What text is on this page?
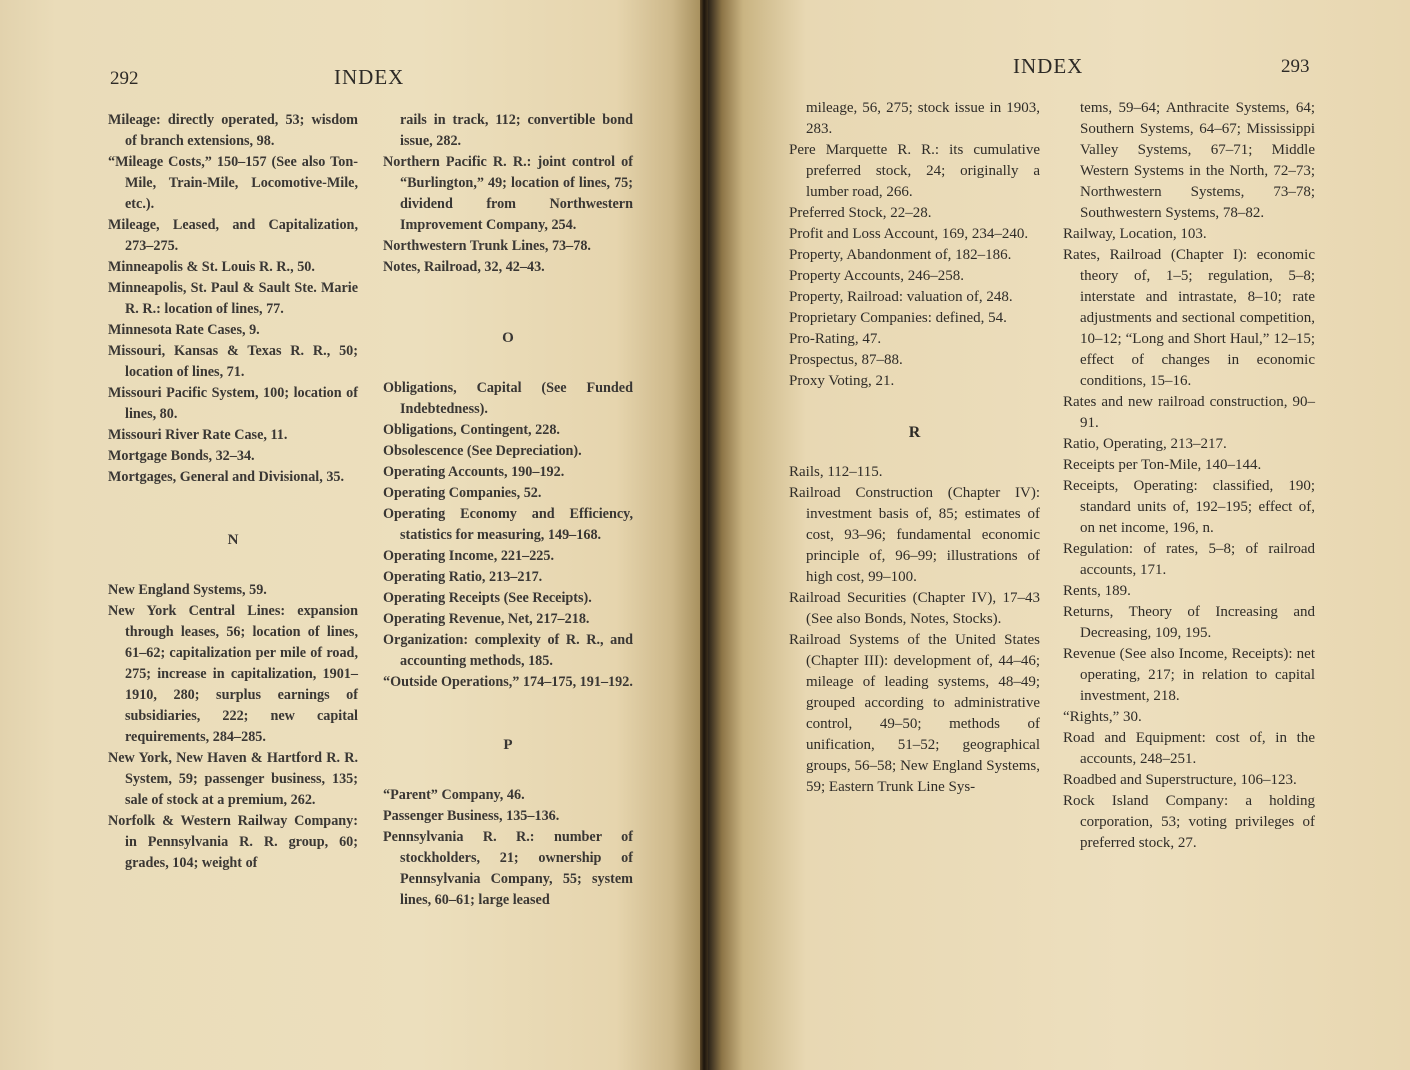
292	INDEX

Mileage: directly operated, 53; wisdom of branch extensions, 98.

“Mileage Costs,” 150–157 (See also Ton-Mile, Train-Mile, Locomotive-Mile, etc.).

Mileage, Leased, and Capitalization, 273–275.

Minneapolis & St. Louis R. R., 50.

Minneapolis, St. Paul & Sault Ste. Marie R. R.: location of lines, 77.

Minnesota Rate Cases, 9.

Missouri, Kansas & Texas R. R., 50; location of lines, 71.

Missouri Pacific System, 100; location of lines, 80.

Missouri River Rate Case, 11.

Mortgage Bonds, 32–34.

Mortgages, General and Divisional, 35.

N

New England Systems, 59.

New York Central Lines: expansion through leases, 56; location of lines, 61–62; capitalization per mile of road, 275; increase in capitalization, 1901–1910, 280; surplus earnings of subsidiaries, 222; new capital requirements, 284–285.

New York, New Haven & Hartford R. R. System, 59; passenger business, 135; sale of stock at a premium, 262.

Norfolk & Western Railway Company: in Pennsylvania R. R. group, 60; grades, 104; weight of

rails in track, 112; convertible bond issue, 282.

Northern Pacific R. R.: joint control of “Burlington,” 49; location of lines, 75; dividend from Northwestern Improvement Company, 254.

Northwestern Trunk Lines, 73–78.

Notes, Railroad, 32, 42–43.

O

Obligations, Capital (See Funded Indebtedness).

Obligations, Contingent, 228.

Obsolescence (See Depreciation).

Operating Accounts, 190–192.

Operating Companies, 52.

Operating Economy and Efficiency, statistics for measuring, 149–168.

Operating Income, 221–225.

Operating Ratio, 213–217.

Operating Receipts (See Receipts).

Operating Revenue, Net, 217–218.

Organization: complexity of R. R., and accounting methods, 185.

“Outside Operations,” 174–175, 191–192.

P

“Parent” Company, 46.

Passenger Business, 135–136.

Pennsylvania R. R.: number of stockholders, 21; ownership of Pennsylvania Company, 55; system lines, 60–61; large leased

INDEX	293

mileage, 56, 275; stock issue in 1903, 283.

Pere Marquette R. R.: its cumulative preferred stock, 24; originally a lumber road, 266.

Preferred Stock, 22–28.

Profit and Loss Account, 169, 234–240.

Property, Abandonment of, 182–186.

Property Accounts, 246–258.

Property, Railroad: valuation of, 248.

Proprietary Companies: defined, 54.

Pro-Rating, 47.

Prospectus, 87–88.

Proxy Voting, 21.

R

Rails, 112–115.

Railroad Construction (Chapter IV): investment basis of, 85; estimates of cost, 93–96; fundamental economic principle of, 96–99; illustrations of high cost, 99–100.

Railroad Securities (Chapter IV), 17–43 (See also Bonds, Notes, Stocks).

Railroad Systems of the United States (Chapter III): development of, 44–46; mileage of leading systems, 48–49; grouped according to administrative control, 49–50; methods of unification, 51–52; geographical groups, 56–58; New England Systems, 59; Eastern Trunk Line Sys-

tems, 59–64; Anthracite Systems, 64; Southern Systems, 64–67; Mississippi Valley Systems, 67–71; Middle Western Systems in the North, 72–73; Northwestern Systems, 73–78; Southwestern Systems, 78–82.

Railway, Location, 103.

Rates, Railroad (Chapter I): economic theory of, 1–5; regulation, 5–8; interstate and intrastate, 8–10; rate adjustments and sectional competition, 10–12; “Long and Short Haul,” 12–15; effect of changes in economic conditions, 15–16.

Rates and new railroad construction, 90–91.

Ratio, Operating, 213–217.

Receipts per Ton-Mile, 140–144.

Receipts, Operating: classified, 190; standard units of, 192–195; effect of, on net income, 196, n.

Regulation: of rates, 5–8; of railroad accounts, 171.

Rents, 189.

Returns, Theory of Increasing and Decreasing, 109, 195.

Revenue (See also Income, Receipts): net operating, 217; in relation to capital investment, 218.

“Rights,” 30.

Road and Equipment: cost of, in the accounts, 248–251.

Roadbed and Superstructure, 106–123.

Rock Island Company: a holding corporation, 53; voting privileges of preferred stock, 27.
